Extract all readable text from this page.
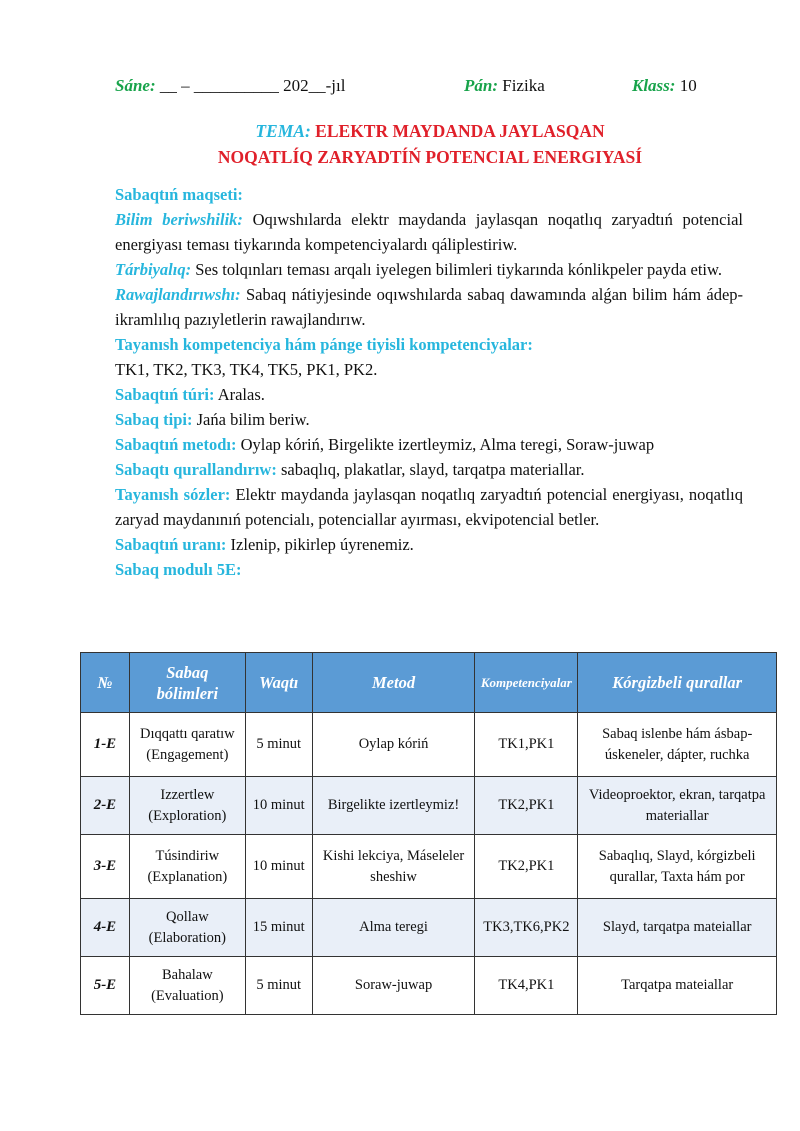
Sáne: __ – __________ 202__-jıl	Pán: Fizika	Klass: 10
TEMA: ELEKTR MAYDANDA JAYLASQAN
NOQATLÍQ ZARYADTÍŃ POTENCIAL ENERGIYASÍ

Sabaqtıń maqseti:

Bilim beriwshilik: Oqıwshılarda elektr maydanda jaylasqan noqatlıq zaryadtıń potencial energiyası teması tiykarında kompetenciyalardı qáliplestiriw.

Tárbiyalıq: Ses tolqınları teması arqalı iyelegen bilimleri tiykarında kónlikpeler payda etiw.

Rawajlandırıwshı: Sabaq nátiyjesinde oqıwshılarda sabaq dawamında alǵan bilim hám ádep-ikramlılıq pazıyletlerin rawajlandırıw.

Tayanısh kompetenciya hám pánge tiyisli kompetenciyalar:

TK1, TK2, TK3, TK4, TK5, PK1, PK2.

Sabaqtıń túri: Aralas.

Sabaq tipi: Jańa bilim beriw.

Sabaqtıń metodı: Oylap kóriń, Birgelikte izertleymiz, Alma teregi, Soraw-juwap

Sabaqtı qurallandırıw: sabaqlıq, plakatlar, slayd, tarqatpa materiallar.

Tayanısh sózler: Elektr maydanda jaylasqan noqatlıq zaryadtıń potencial energiyası, noqatlıq zaryad maydanınıń potencialı, potenciallar ayırması, ekvipotencial betler.

Sabaqtıń uranı: Izlenip, pikirlep úyrenemiz.

Sabaq modulı 5E:

№	Sabaq bólimleri	Waqtı	Metod	Kompetenciyalar	Kórgizbeli qurallar
1-E	Dıqqattı qaratıw (Engagement)	5 minut	Oylap kóriń	TK1,PK1	Sabaq islenbe hám ásbap-úskeneler, dápter, ruchka
2-E	Izzertlew (Exploration)	10 minut	Birgelikte izertleymiz!	TK2,PK1	Videoproektor, ekran, tarqatpa materiallar
3-E	Túsindiriw (Explanation)	10 minut	Kishi lekciya, Máseleler sheshiw	TK2,PK1	Sabaqlıq, Slayd, kórgizbeli qurallar, Taxta hám por
4-E	Qollaw (Elaboration)	15 minut	Alma teregi	TK3,TK6,PK2	Slayd, tarqatpa mateiallar
5-E	Bahalaw (Evaluation)	5 minut	Soraw-juwap	TK4,PK1	Tarqatpa mateiallar
